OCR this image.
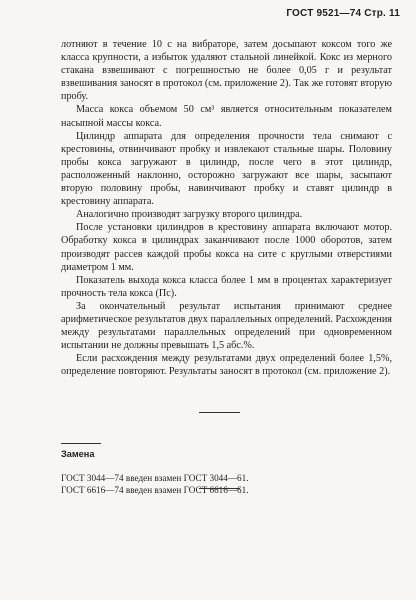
ГОСТ 9521—74 Стр. 11

лотняют в течение 10 с на вибраторе, затем досыпают коксом того же класса крупности, а избыток удаляют стальной линейкой. Кокс из мерного стакана взвешивают с погрешностью не более 0,05 г и результат взвешивания заносят в протокол (см. приложение 2). Так же готовят вторую пробу.

Масса кокса объемом 50 см³ является относительным показателем насыпной массы кокса.

Цилиндр аппарата для определения прочности тела снимают с крестовины, отвинчивают пробку и извлекают стальные шары. Половину пробы кокса загружают в цилиндр, после чего в этот цилиндр, расположенный наклонно, осторожно загружают все шары, засыпают вторую половину пробы, навинчивают пробку и ставят цилиндр в крестовину аппарата.

Аналогично производят загрузку второго цилиндра.

После установки цилиндров в крестовину аппарата включают мотор. Обработку кокса в цилиндрах заканчивают после 1000 оборотов, затем производят рассев каждой пробы кокса на сите с круглыми отверстиями диаметром 1 мм.

Показатель выхода кокса класса более 1 мм в процентах характеризует прочность тела кокса (Пс).

За окончательный результат испытания принимают среднее арифметическое результатов двух параллельных определений. Расхождения между результатами параллельных определений при одновременном испытании не должны превышать 1,5 абс.%.

Если расхождения между результатами двух определений более 1,5%, определение повторяют. Результаты заносят в протокол (см. приложение 2).

Замена
ГОСТ 3044—74 введен взамен ГОСТ 3044—61.
ГОСТ 6616—74 введен взамен ГОСТ 6616—61.
